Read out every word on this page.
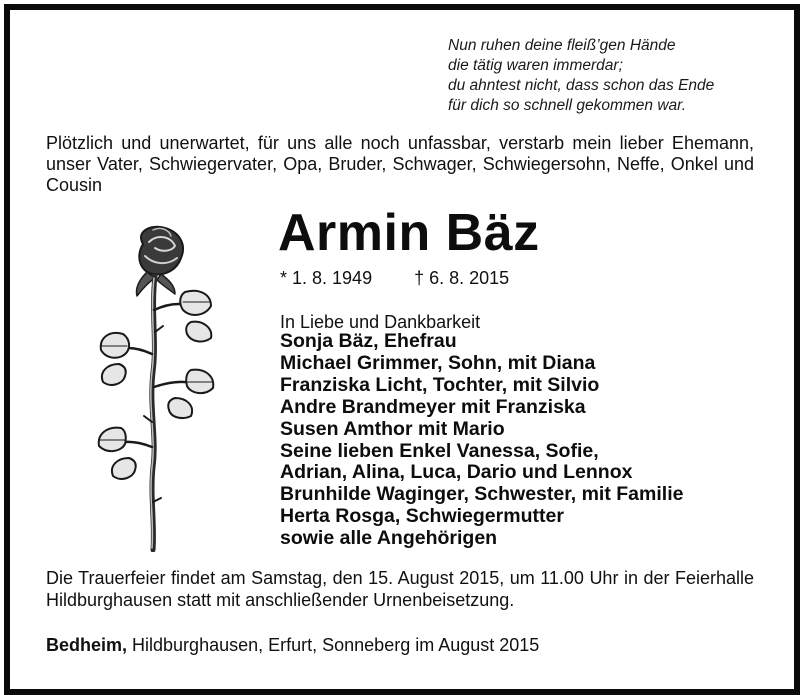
Nun ruhen deine fleiß’gen Hände
die tätig waren immerdar;
du ahntest nicht, dass schon das Ende
für dich so schnell gekommen war.
Plötzlich und unerwartet, für uns alle noch unfassbar, verstarb mein lieber Ehemann, unser Vater, Schwiegervater, Opa, Bruder, Schwager, Schwiegersohn, Neffe, Onkel und Cousin
Armin Bäz
* 1. 8. 1949 † 6. 8. 2015
In Liebe und Dankbarkeit
Sonja Bäz, Ehefrau
Michael Grimmer, Sohn, mit Diana
Franziska Licht, Tochter, mit Silvio
Andre Brandmeyer mit Franziska
Susen Amthor mit Mario
Seine lieben Enkel Vanessa, Sofie,
Adrian, Alina, Luca, Dario und Lennox
Brunhilde Waginger, Schwester, mit Familie
Herta Rosga, Schwiegermutter
sowie alle Angehörigen
Die Trauerfeier findet am Samstag, den 15. August 2015, um 11.00 Uhr in der Feierhalle Hildburghausen statt mit anschließender Urnenbeisetzung.
Bedheim, Hildburghausen, Erfurt, Sonneberg im August 2015
